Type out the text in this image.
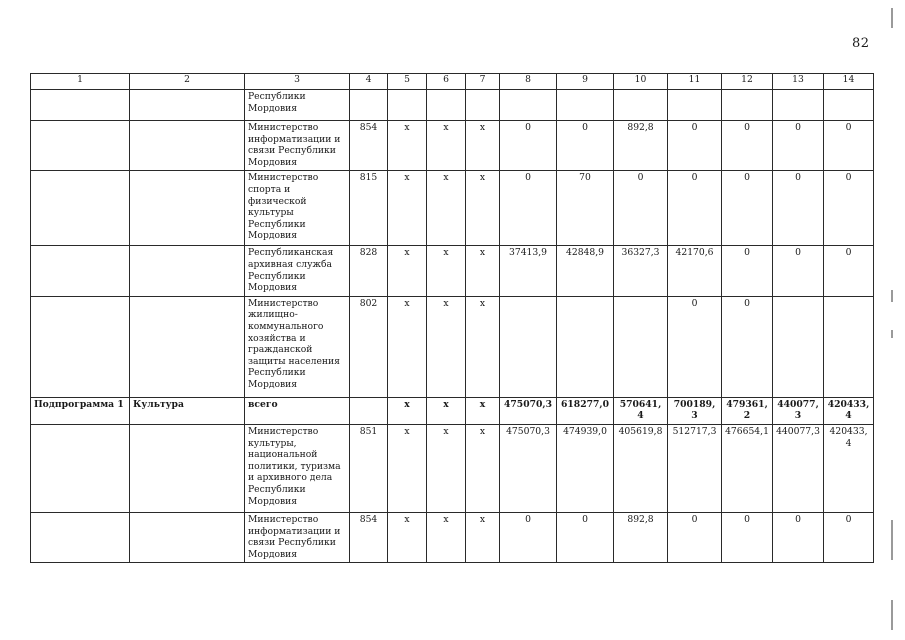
82
1	2	3	4	5	6	7	8	9	10	11	12	13	14
		Республики Мордовия											
		Министерство информатизации и связи Республики Мордовия	854	х	х	х	0	0	892,8	0	0	0	0
		Министерство спорта и физической культуры Республики Мордовия	815	х	х	х	0	70	0	0	0	0	0
		Республиканская архивная служба Республики Мордовия	828	х	х	х	37413,9	42848,9	36327,3	42170,6	0	0	0
		Министерство жилищно-коммунального хозяйства и гражданской защиты населения Республики Мордовия	802	х	х	х				0	0		
Подпрограмма 1	Культура	всего		х	х	х	475070,3	618277,0	570641,4	700189,3	479361,2	440077,3	420433,4
		Министерство культуры, национальной политики, туризма и архивного дела Республики Мордовия	851	х	х	х	475070,3	474939,0	405619,8	512717,3	476654,1	440077,3	420433,4
		Министерство информатизации и связи Республики Мордовия	854	х	х	х	0	0	892,8	0	0	0	0
